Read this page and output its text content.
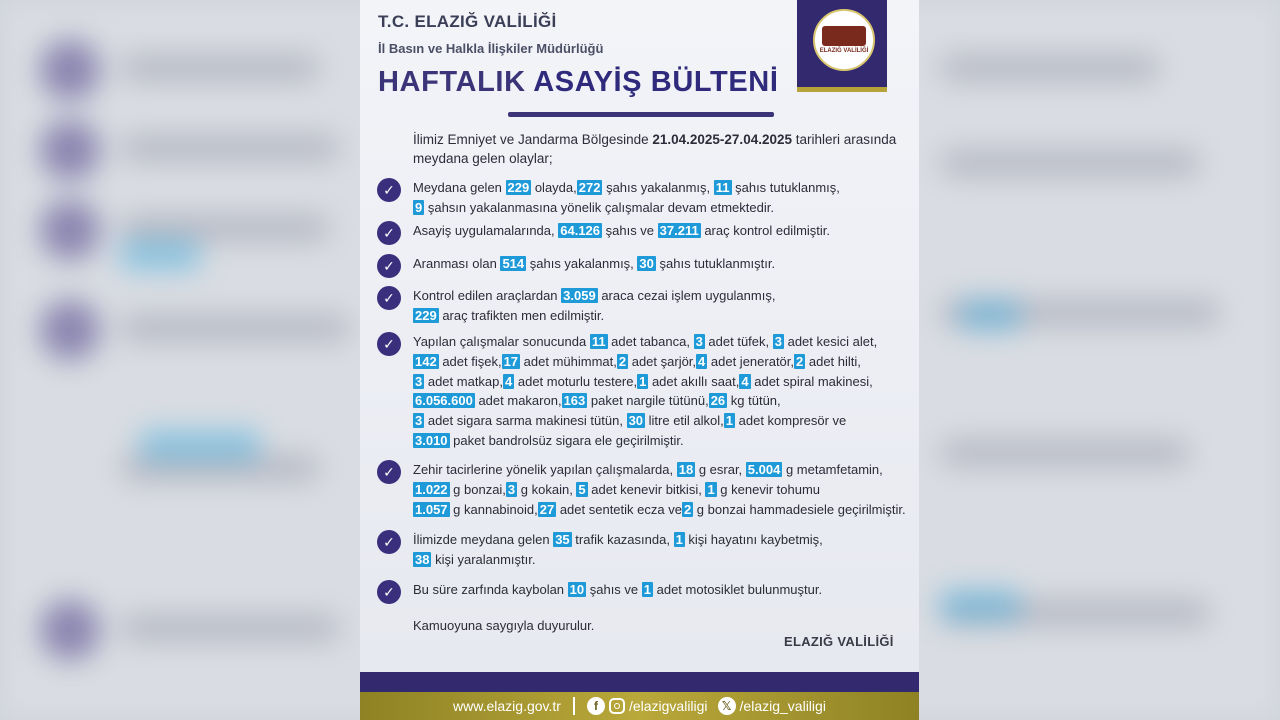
T.C. ELAZIĞ VALİLİĞİ
İl Basın ve Halkla İlişkiler Müdürlüğü
HAFTALIK ASAYİŞ BÜLTENİ
ELAZIĞ VALİLİĞİ
İlimiz Emniyet ve Jandarma Bölgesinde 21.04.2025-27.04.2025 tarihleri arasında meydana gelen olaylar;
✓	Meydana gelen 229 olayda, 272 şahıs yakalanmış, 11 şahıs tutuklanmış,
9 şahsın yakalanmasına yönelik çalışmalar devam etmektedir.
✓	Asayiş uygulamalarında, 64.126 şahıs ve 37.211 araç kontrol edilmiştir.
✓	Aranması olan 514 şahıs yakalanmış, 30 şahıs tutuklanmıştır.
✓	Kontrol edilen araçlardan 3.059 araca cezai işlem uygulanmış,
229 araç trafikten men edilmiştir.
✓	Yapılan çalışmalar sonucunda 11 adet tabanca, 3 adet tüfek, 3 adet kesici alet,
142 adet fişek, 17 adet mühimmat, 2 adet şarjör, 4 adet jeneratör, 2 adet hilti,
3 adet matkap, 4 adet moturlu testere, 1 adet akıllı saat, 4 adet spiral makinesi,
6.056.600 adet makaron, 163 paket nargile tütünü, 26 kg tütün,
3 adet sigara sarma makinesi tütün, 30 litre etil alkol, 1 adet kompresör ve
3.010 paket bandrolsüz sigara ele geçirilmiştir.
✓	Zehir tacirlerine yönelik yapılan çalışmalarda, 18 g esrar, 5.004 g metamfetamin,
1.022 g bonzai, 3 g kokain, 5 adet kenevir bitkisi, 1 g kenevir tohumu
1.057 g kannabinoid, 27 adet sentetik ecza ve 2 g bonzai hammadesiele geçirilmiştir.
✓	İlimizde meydana gelen 35 trafik kazasında, 1 kişi hayatını kaybetmiş,
38 kişi yaralanmıştır.
✓	Bu süre zarfında kaybolan 10 şahıs ve 1 adet motosiklet bulunmuştur.
Kamuoyuna saygıyla duyurulur.
ELAZIĞ VALİLİĞİ
www.elazig.gov.tr	f	/elazigvaliligi	𝕏 /elazig_valiligi
